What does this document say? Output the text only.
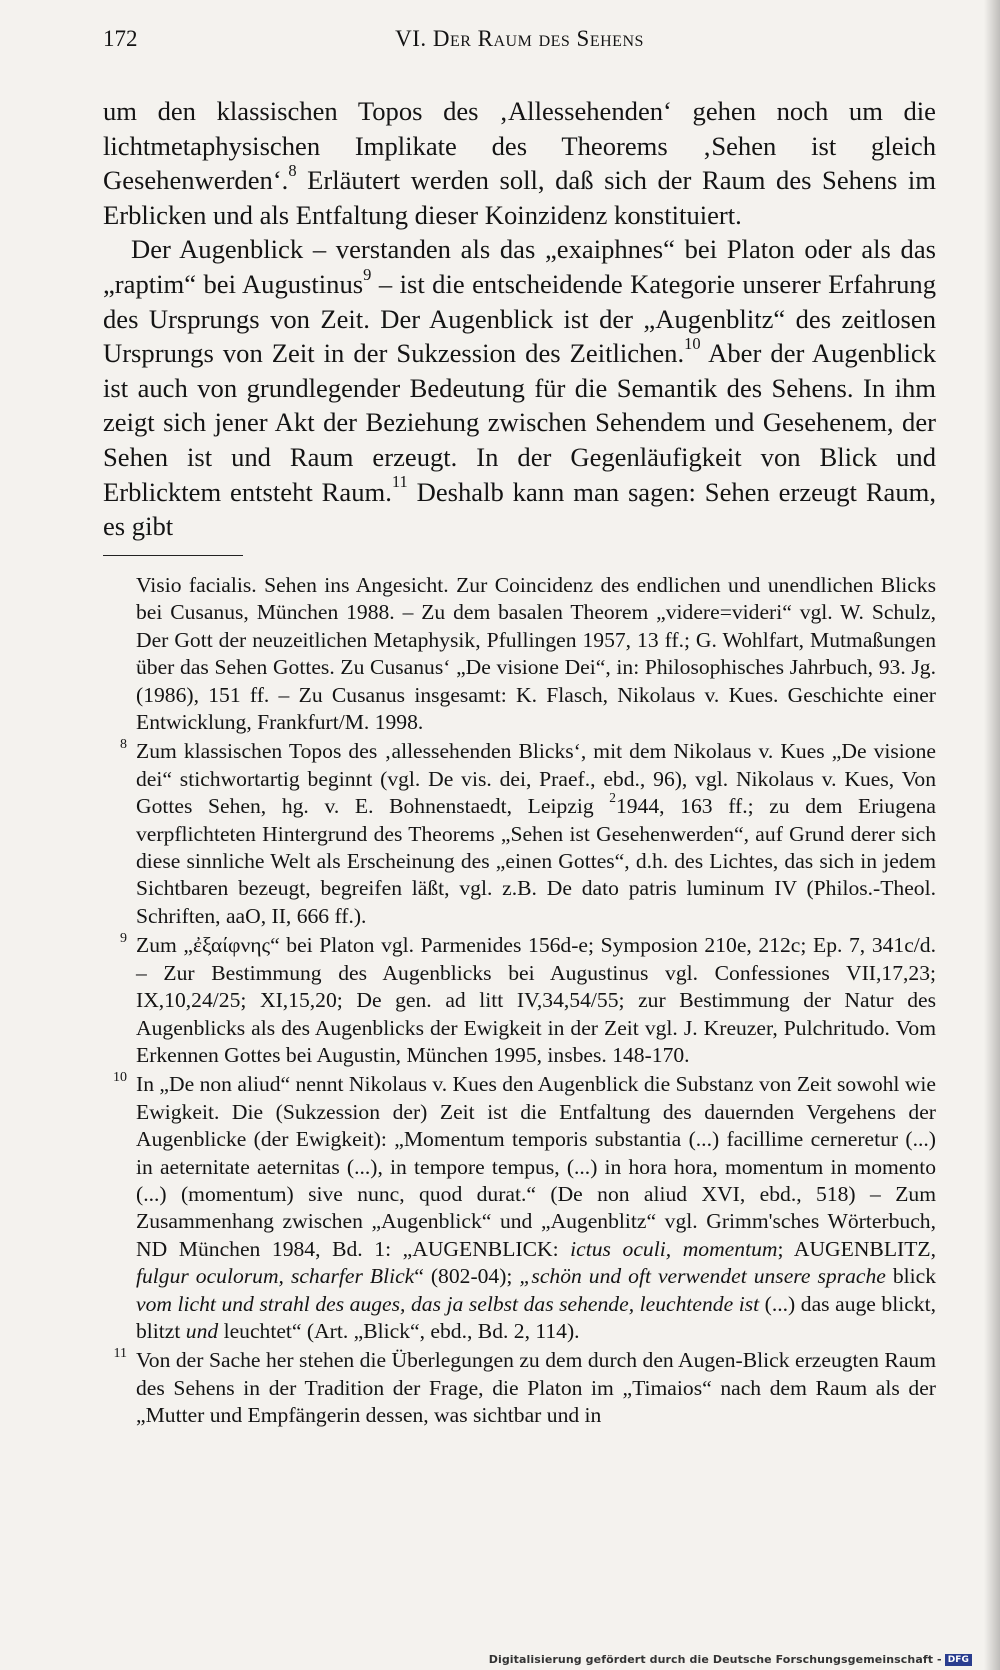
172	VI. Der Raum des Sehens

um den klassischen Topos des ‚Allessehenden‘ gehen noch um die lichtmetaphysischen Implikate des Theorems ‚Sehen ist gleich Gesehenwerden‘.$^8$ Erläutert werden soll, daß sich der Raum des Sehens im Erblicken und als Entfaltung dieser Koinzidenz konstituiert.

Der Augenblick – verstanden als das „exaiphnes“ bei Platon oder als das „raptim“ bei Augustinus$^9$ – ist die entscheidende Kategorie unserer Erfahrung des Ursprungs von Zeit. Der Augenblick ist der „Augenblitz“ des zeitlosen Ursprungs von Zeit in der Sukzession des Zeitlichen.$^{10}$ Aber der Augenblick ist auch von grundlegender Bedeutung für die Semantik des Sehens. In ihm zeigt sich jener Akt der Beziehung zwischen Sehendem und Gesehenem, der Sehen ist und Raum erzeugt. In der Gegenläufigkeit von Blick und Erblicktem entsteht Raum.$^{11}$ Deshalb kann man sagen: Sehen erzeugt Raum, es gibt

Visio facialis. Sehen ins Angesicht. Zur Coincidenz des endlichen und unendlichen Blicks bei Cusanus, München 1988. – Zu dem basalen Theorem „videre=videri“ vgl. W. Schulz, Der Gott der neuzeitlichen Metaphysik, Pfullingen 1957, 13 ff.; G. Wohlfart, Mutmaßungen über das Sehen Gottes. Zu Cusanus‘ „De visione Dei“, in: Philosophisches Jahrbuch, 93. Jg. (1986), 151 ff. – Zu Cusanus insgesamt: K. Flasch, Nikolaus v. Kues. Geschichte einer Entwicklung, Frankfurt/M. 1998.
8 Zum klassischen Topos des ‚allessehenden Blicks‘, mit dem Nikolaus v. Kues „De visione dei“ stichwortartig beginnt (vgl. De vis. dei, Praef., ebd., 96), vgl. Nikolaus v. Kues, Von Gottes Sehen, hg. v. E. Bohnenstaedt, Leipzig $^2$1944, 163 ff.; zu dem Eriugena verpflichteten Hintergrund des Theorems „Sehen ist Gesehenwerden“, auf Grund derer sich diese sinnliche Welt als Erscheinung des „einen Gottes“, d.h. des Lichtes, das sich in jedem Sichtbaren bezeugt, begreifen läßt, vgl. z.B. De dato patris luminum IV (Philos.-Theol. Schriften, aaO, II, 666 ff.).
9 Zum „ἐξαίφνης“ bei Platon vgl. Parmenides 156d-e; Symposion 210e, 212c; Ep. 7, 341c/d. – Zur Bestimmung des Augenblicks bei Augustinus vgl. Confessiones VII,17,23; IX,10,24/25; XI,15,20; De gen. ad litt IV,34,54/55; zur Bestimmung der Natur des Augenblicks als des Augenblicks der Ewigkeit in der Zeit vgl. J. Kreuzer, Pulchritudo. Vom Erkennen Gottes bei Augustin, München 1995, insbes. 148-170.
10 In „De non aliud“ nennt Nikolaus v. Kues den Augenblick die Substanz von Zeit sowohl wie Ewigkeit. Die (Sukzession der) Zeit ist die Entfaltung des dauernden Vergehens der Augenblicke (der Ewigkeit): „Momentum temporis substantia (...) facillime cerneretur (...) in aeternitate aeternitas (...), in tempore tempus, (...) in hora hora, momentum in momento (...) (momentum) sive nunc, quod durat.“ (De non aliud XVI, ebd., 518) – Zum Zusammenhang zwischen „Augenblick“ und „Augenblitz“ vgl. Grimm'sches Wörterbuch, ND München 1984, Bd. 1: „AUGENBLICK: ictus oculi, momentum; AUGENBLITZ, fulgur oculorum, scharfer Blick“ (802-04); „schön und oft verwendet unsere sprache blick vom licht und strahl des auges, das ja selbst das sehende, leuchtende ist (...) das auge blickt, blitzt und leuchtet“ (Art. „Blick“, ebd., Bd. 2, 114).
11 Von der Sache her stehen die Überlegungen zu dem durch den Augen-Blick erzeugten Raum des Sehens in der Tradition der Frage, die Platon im „Timaios“ nach dem Raum als der „Mutter und Empfängerin dessen, was sichtbar und in
Digitalisierung gefördert durch die Deutsche Forschungsgemeinschaft - DFG
